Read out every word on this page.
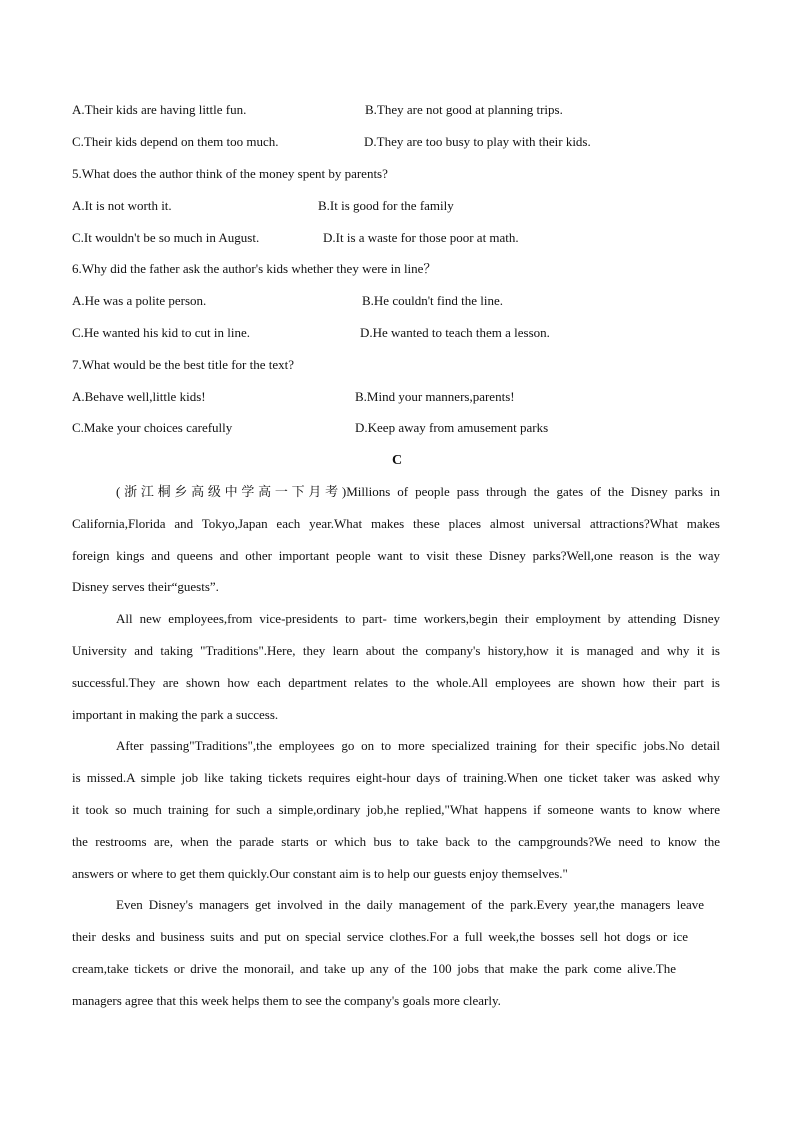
A.Their kids are having little fun.	B.They are not good at planning trips.
C.Their kids depend on them too much.	D.They are too busy to play with their kids.
5.What does the author think of the money spent by parents?
A.It is not worth it.	B.It is good for the family
C.It wouldn't be so much in August.	D.It is a waste for those poor at math.
6.Why did the father ask the author's kids whether they were in line？
A.He was a polite person.	B.He couldn't find the line.
C.He wanted his kid to cut in line.	D.He wanted to teach them a lesson.
7.What would be the best title for the text?
A.Behave well,little kids!	B.Mind your manners,parents!
C.Make your choices carefully	D.Keep away from amusement parks
C
(浙江桐乡高级中学高一下月考)Millions of people pass through the gates of the Disney parks in
California,Florida and Tokyo,Japan each year.What makes these places almost universal attractions?What makes
foreign kings and queens and other important people want to visit these Disney parks?Well,one reason is the way
Disney serves their“guests”.
All new employees,from vice-presidents to part- time workers,begin their employment by attending Disney
University and taking "Traditions".Here, they learn about the company's history,how it is managed and why it is
successful.They are shown how each department relates to the whole.All employees are shown how their part is
important in making the park a success.
After passing"Traditions",the employees go on to more specialized training for their specific jobs.No detail
is missed.A simple job like taking tickets requires eight-hour days of training.When one ticket taker was asked why
it took so much training for such a simple,ordinary job,he replied,"What happens if someone wants to know where
the restrooms are, when the parade starts or which bus to take back to the campgrounds?We need to know the
answers or where to get them quickly.Our constant aim is to help our guests enjoy themselves."
Even Disney's managers get involved in the daily management of the park.Every year,the managers leave
their desks and business suits and put on special service clothes.For a full week,the bosses sell hot dogs or ice
cream,take tickets or drive the monorail, and take up any of the 100 jobs that make the park come alive.The
managers agree that this week helps them to see the company's goals more clearly.
